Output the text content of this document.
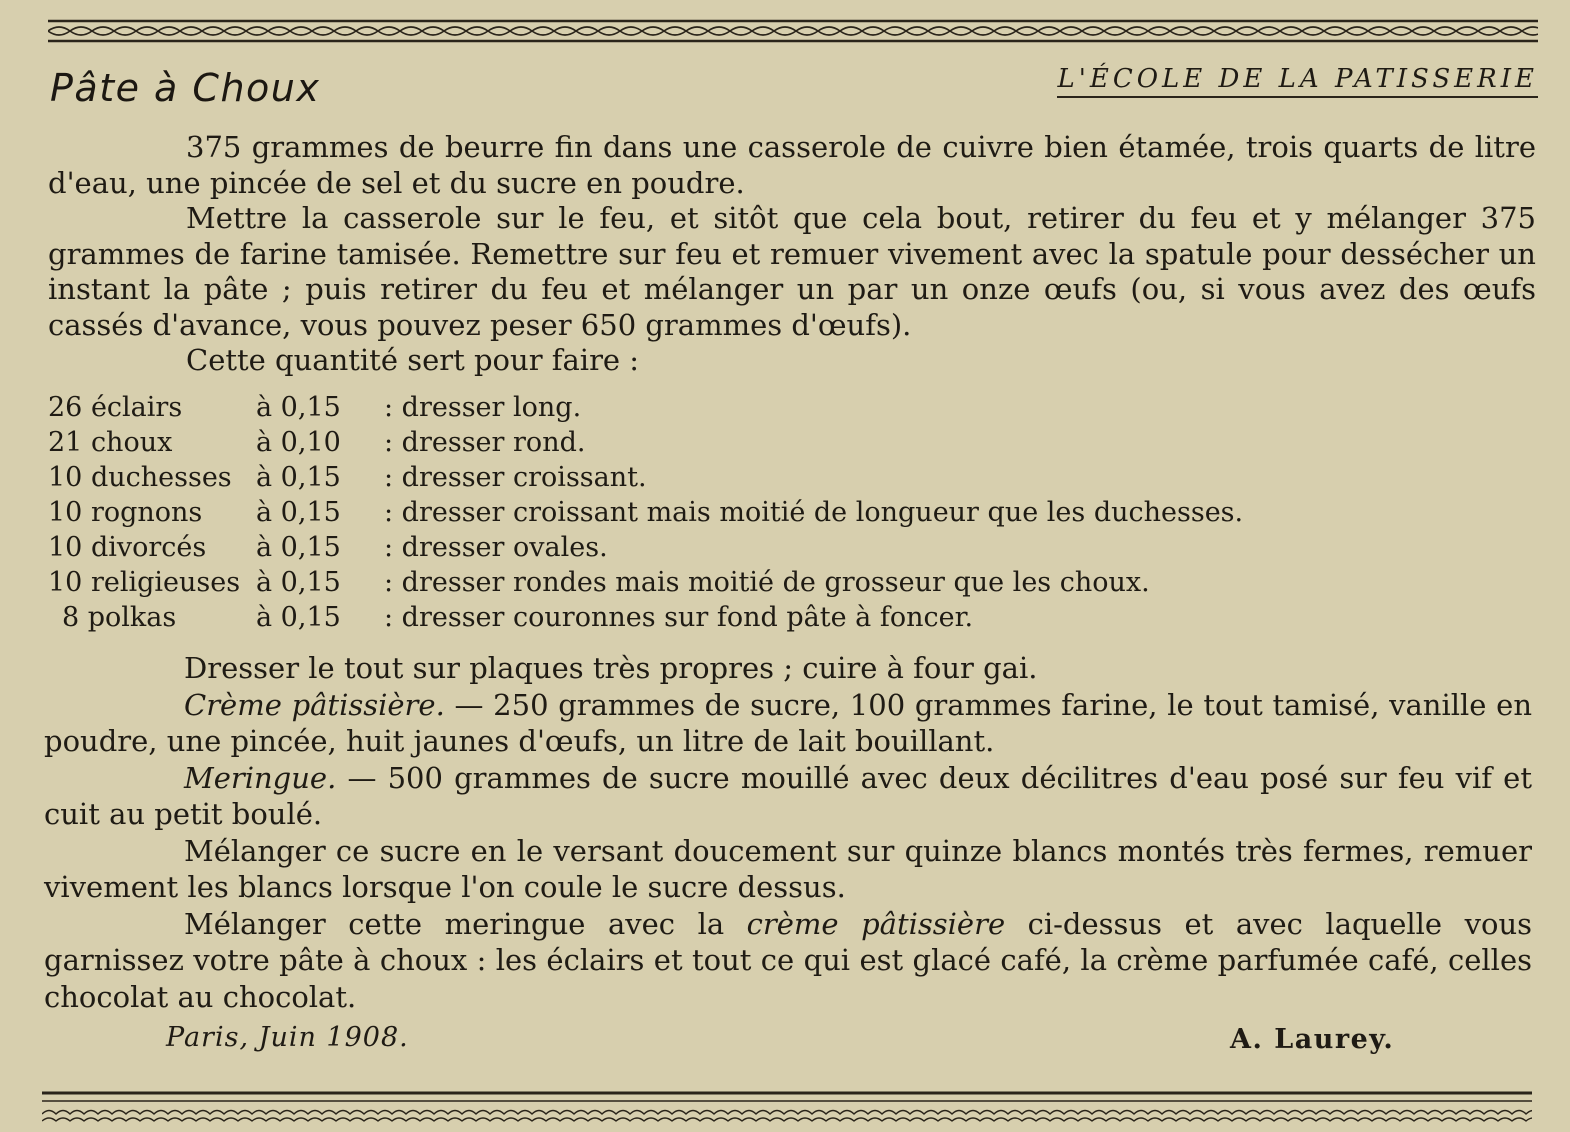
Pâte à Choux	L'ÉCOLE DE LA PATISSERIE

375 grammes de beurre fin dans une casserole de cuivre bien étamée, trois quarts de litre d'eau, une pincée de sel et du sucre en poudre.

Mettre la casserole sur le feu, et sitôt que cela bout, retirer du feu et y mélanger 375 grammes de farine tamisée. Remettre sur feu et remuer vivement avec la spatule pour dessécher un instant la pâte ; puis retirer du feu et mélanger un par un onze œufs (ou, si vous avez des œufs cassés d'avance, vous pouvez peser 650 grammes d'œufs).

Cette quantité sert pour faire :

26 éclairs	à 0,15 : dresser long.
21 choux	à 0,10 : dresser rond.
10 duchesses à 0,15 : dresser croissant.
10 rognons à 0,15 : dresser croissant mais moitié de longueur que les duchesses.
10 divorcés à 0,15 : dresser ovales.
10 religieuses à 0,15 : dresser rondes mais moitié de grosseur que les choux.
8 polkas	à 0,15 : dresser couronnes sur fond pâte à foncer.

Dresser le tout sur plaques très propres ; cuire à four gai.

Crème pâtissière. — 250 grammes de sucre, 100 grammes farine, le tout tamisé, vanille en poudre, une pincée, huit jaunes d'œufs, un litre de lait bouillant.

Meringue. — 500 grammes de sucre mouillé avec deux décilitres d'eau posé sur feu vif et cuit au petit boulé.

Mélanger ce sucre en le versant doucement sur quinze blancs montés très fermes, remuer vivement les blancs lorsque l'on coule le sucre dessus.

Mélanger cette meringue avec la crème pâtissière ci-dessus et avec laquelle vous garnissez votre pâte à choux : les éclairs et tout ce qui est glacé café, la crème parfumée café, celles chocolat au chocolat.

Paris, Juin 1908.	A. Laurey.
